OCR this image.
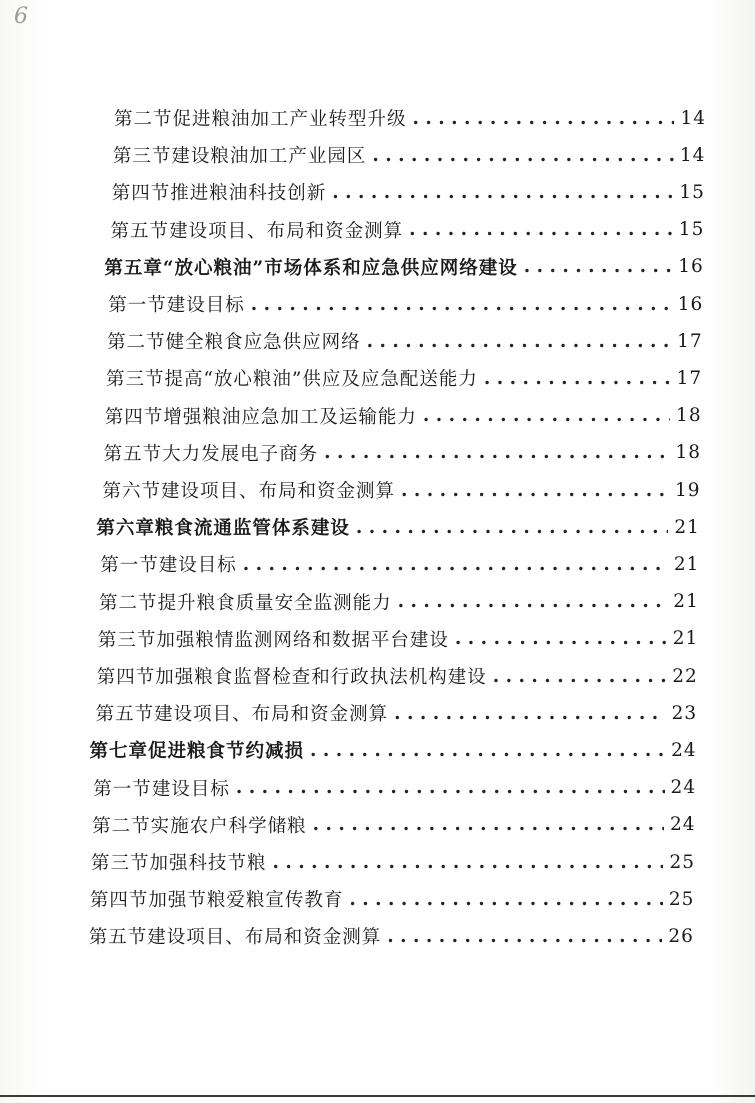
6
第二节 促进粮油加工产业转型升级 . . .	14
第三节 建设粮油加工产业园区 . . .	14
第四节 推进粮油科技创新 . . .	15
第五节 建设项目、布局和资金测算 . . .	15
第五章 “放心粮油”市场体系和应急供应网络建设 . . .	16
第一节 建设目标 . . .	16
第二节 健全粮食应急供应网络 . . .	17
第三节 提高“放心粮油”供应及应急配送能力 . . .	17
第四节 增强粮油应急加工及运输能力 . . .	18
第五节 大力发展电子商务 . . .	18
第六节 建设项目、布局和资金测算 . . .	19
第六章 粮食流通监管体系建设 . . .	21
第一节 建设目标 . . .	21
第二节 提升粮食质量安全监测能力 . . .	21
第三节 加强粮情监测网络和数据平台建设 . . .	21
第四节 加强粮食监督检查和行政执法机构建设 . . .	22
第五节 建设项目、布局和资金测算 . . .	23
第七章 促进粮食节约减损 . . .	24
第一节 建设目标 . . .	24
第二节 实施农户科学储粮 . . .	24
第三节 加强科技节粮 . . .	25
第四节 加强节粮爱粮宣传教育 . . .	25
第五节 建设项目、布局和资金测算 . . .	26
